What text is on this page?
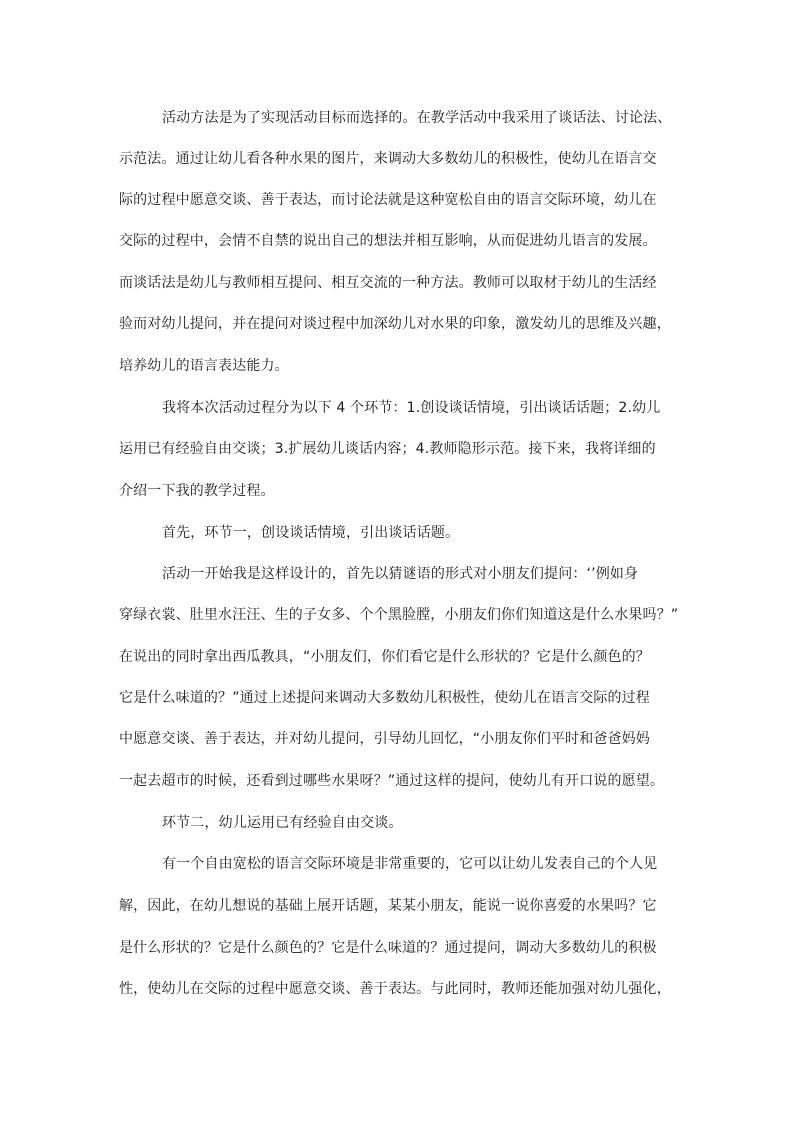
活动方法是为了实现活动目标而选择的。在教学活动中我采用了谈话法、讨论法、
示范法。通过让幼儿看各种水果的图片，来调动大多数幼儿的积极性，使幼儿在语言交
际的过程中愿意交谈、善于表达，而讨论法就是这种宽松自由的语言交际环境，幼儿在
交际的过程中，会情不自禁的说出自己的想法并相互影响，从而促进幼儿语言的发展。
而谈话法是幼儿与教师相互提问、相互交流的一种方法。教师可以取材于幼儿的生活经
验而对幼儿提问，并在提问对谈过程中加深幼儿对水果的印象，激发幼儿的思维及兴趣，
培养幼儿的语言表达能力。
我将本次活动过程分为以下 4 个环节：1.创设谈话情境，引出谈话话题；2.幼儿
运用已有经验自由交谈；3.扩展幼儿谈话内容；4.教师隐形示范。接下来，我将详细的
介绍一下我的教学过程。
首先，环节一，创设谈话情境，引出谈话话题。
活动一开始我是这样设计的，首先以猜谜语的形式对小朋友们提问：‘’例如身
穿绿衣裳、肚里水汪汪、生的子女多、个个黑脸膛，小朋友们你们知道这是什么水果吗？”
在说出的同时拿出西瓜教具，“小朋友们，你们看它是什么形状的？它是什么颜色的？
它是什么味道的？”通过上述提问来调动大多数幼儿积极性，使幼儿在语言交际的过程
中愿意交谈、善于表达，并对幼儿提问，引导幼儿回忆，“小朋友你们平时和爸爸妈妈
一起去超市的时候，还看到过哪些水果呀？”通过这样的提问，使幼儿有开口说的愿望。
环节二，幼儿运用已有经验自由交谈。
有一个自由宽松的语言交际环境是非常重要的，它可以让幼儿发表自己的个人见
解，因此，在幼儿想说的基础上展开话题，某某小朋友，能说一说你喜爱的水果吗？它
是什么形状的？它是什么颜色的？它是什么味道的？通过提问，调动大多数幼儿的积极
性，使幼儿在交际的过程中愿意交谈、善于表达。与此同时，教师还能加强对幼儿强化，
